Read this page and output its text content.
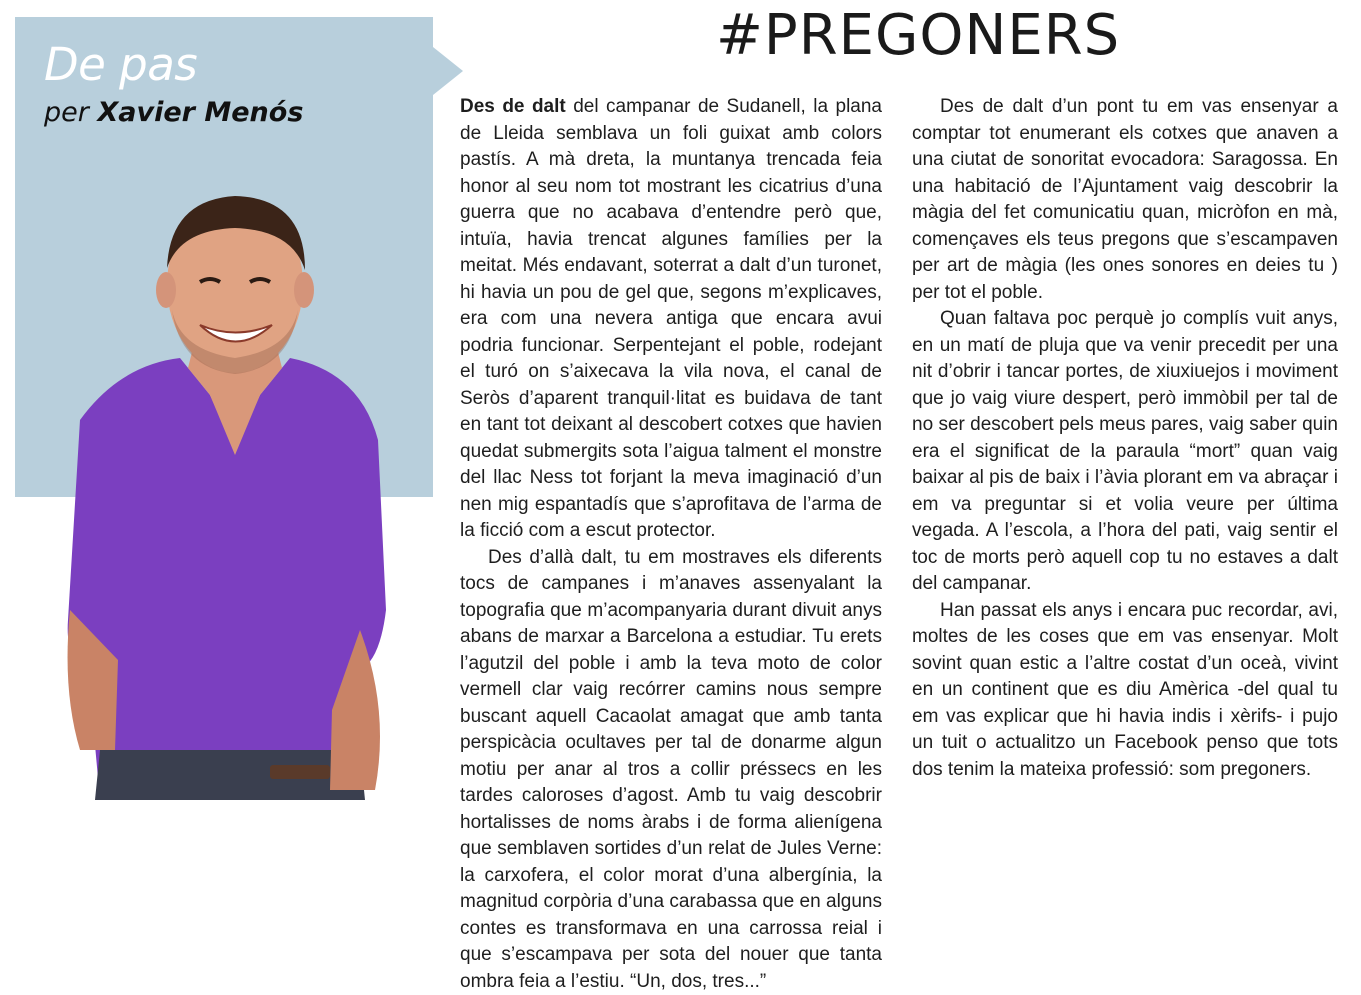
De pas

per Xavier Menós

#PREGONERS

Des de dalt del campanar de Sudanell, la plana de Lleida semblava un foli guixat amb colors pastís. A mà dreta, la muntanya trencada feia honor al seu nom tot mostrant les cicatrius d’una guerra que no acabava d’entendre però que, intuïa, havia trencat algunes famílies per la meitat. Més endavant, soterrat a dalt d’un turonet, hi havia un pou de gel que, segons m’explicaves, era com una nevera antiga que encara avui podria funcionar. Serpentejant el poble, rodejant el turó on s’aixecava la vila nova, el canal de Seròs d’aparent tranquil·litat es buidava de tant en tant tot deixant al descobert cotxes que havien quedat submergits sota l’aigua talment el monstre del llac Ness tot forjant la meva imaginació d’un nen mig espantadís que s’aprofitava de l’arma de la ficció com a escut protector.

Des d’allà dalt, tu em mostraves els diferents tocs de campanes i m’anaves assenyalant la topografia que m’acompanyaria durant divuit anys abans de marxar a Barcelona a estudiar. Tu erets l’agutzil del poble i amb la teva moto de color vermell clar vaig recórrer camins nous sempre buscant aquell Cacaolat amagat que amb tanta perspicàcia ocultaves per tal de donarme algun motiu per anar al tros a collir préssecs en les tardes caloroses d’agost. Amb tu vaig descobrir hortalisses de noms àrabs i de forma alienígena que semblaven sortides d’un relat de Jules Verne: la carxofera, el color morat d’una albergínia, la magnitud corpòria d’una carabassa que en alguns contes es transformava en una carrossa reial i que s’escampava per sota del nouer que tanta ombra feia a l’estiu. “Un, dos, tres...”

Des de dalt d’un pont tu em vas ensenyar a comptar tot enumerant els cotxes que anaven a una ciutat de sonoritat evocadora: Saragossa. En una habitació de l’Ajuntament vaig descobrir la màgia del fet comunicatiu quan, micròfon en mà, començaves els teus pregons que s’escampaven per art de màgia (les ones sonores en deies tu ) per tot el poble.

Quan faltava poc perquè jo complís vuit anys, en un matí de pluja que va venir precedit per una nit d’obrir i tancar portes, de xiuxiuejos i moviment que jo vaig viure despert, però immòbil per tal de no ser descobert pels meus pares, vaig saber quin era el significat de la paraula “mort” quan vaig baixar al pis de baix i l’àvia plorant em va abraçar i em va preguntar si et volia veure per última vegada. A l’escola, a l’hora del pati, vaig sentir el toc de morts però aquell cop tu no estaves a dalt del campanar.

Han passat els anys i encara puc recordar, avi, moltes de les coses que em vas ensenyar. Molt sovint quan estic a l’altre costat d’un oceà, vivint en un continent que es diu Amèrica -del qual tu em vas explicar que hi havia indis i xèrifs- i pujo un tuit o actualitzo un Facebook penso que tots dos tenim la mateixa professió: som pregoners.
